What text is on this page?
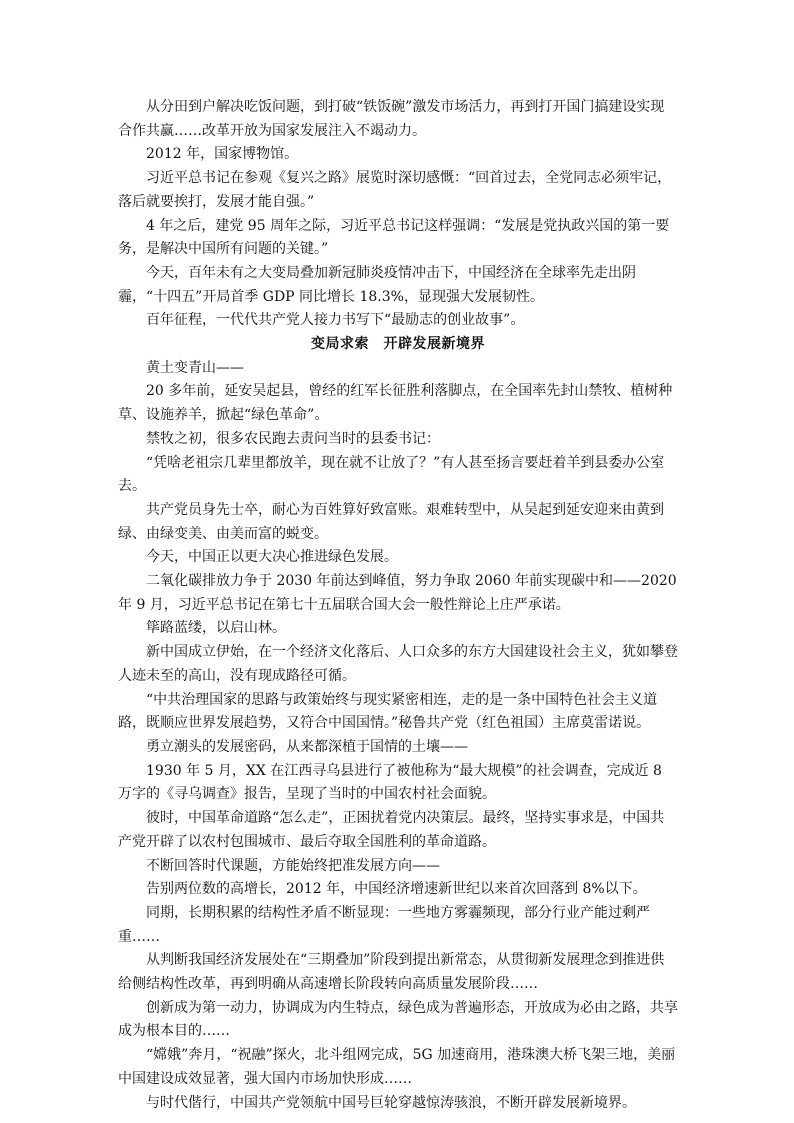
从分田到户解决吃饭问题，到打破“铁饭碗”激发市场活力，再到打开国门搞建设实现合作共赢……改革开放为国家发展注入不竭动力。

2012 年，国家博物馆。

习近平总书记在参观《复兴之路》展览时深切感慨：“回首过去，全党同志必须牢记，落后就要挨打，发展才能自强。”

4 年之后，建党 95 周年之际，习近平总书记这样强调：“发展是党执政兴国的第一要务，是解决中国所有问题的关键。”

今天，百年未有之大变局叠加新冠肺炎疫情冲击下，中国经济在全球率先走出阴霾，“十四五”开局首季 GDP 同比增长 18.3%，显现强大发展韧性。

百年征程，一代代共产党人接力书写下“最励志的创业故事”。

变局求索　开辟发展新境界

黄土变青山——

20 多年前，延安吴起县，曾经的红军长征胜利落脚点，在全国率先封山禁牧、植树种草、设施养羊，掀起“绿色革命”。

禁牧之初，很多农民跑去责问当时的县委书记：

“凭啥老祖宗几辈里都放羊，现在就不让放了？”有人甚至扬言要赶着羊到县委办公室去。

共产党员身先士卒，耐心为百姓算好致富账。艰难转型中，从吴起到延安迎来由黄到绿、由绿变美、由美而富的蜕变。

今天，中国正以更大决心推进绿色发展。

二氧化碳排放力争于 2030 年前达到峰值，努力争取 2060 年前实现碳中和——2020 年 9 月，习近平总书记在第七十五届联合国大会一般性辩论上庄严承诺。

筚路蓝缕，以启山林。

新中国成立伊始，在一个经济文化落后、人口众多的东方大国建设社会主义，犹如攀登人迹未至的高山，没有现成路径可循。

“中共治理国家的思路与政策始终与现实紧密相连，走的是一条中国特色社会主义道路，既顺应世界发展趋势，又符合中国国情。”秘鲁共产党（红色祖国）主席莫雷诺说。

勇立潮头的发展密码，从来都深植于国情的土壤——

1930 年 5 月，XX 在江西寻乌县进行了被他称为“最大规模”的社会调查，完成近 8 万字的《寻乌调查》报告，呈现了当时的中国农村社会面貌。

彼时，中国革命道路“怎么走”，正困扰着党内决策层。最终，坚持实事求是，中国共产党开辟了以农村包围城市、最后夺取全国胜利的革命道路。

不断回答时代课题，方能始终把准发展方向——

告别两位数的高增长，2012 年，中国经济增速新世纪以来首次回落到 8%以下。

同期，长期积累的结构性矛盾不断显现：一些地方雾霾频现，部分行业产能过剩严重……

从判断我国经济发展处在“三期叠加”阶段到提出新常态，从贯彻新发展理念到推进供给侧结构性改革，再到明确从高速增长阶段转向高质量发展阶段……

创新成为第一动力，协调成为内生特点，绿色成为普遍形态，开放成为必由之路，共享成为根本目的……

“嫦娥”奔月，“祝融”探火，北斗组网完成，5G 加速商用，港珠澳大桥飞架三地，美丽中国建设成效显著，强大国内市场加快形成……

与时代偕行，中国共产党领航中国号巨轮穿越惊涛骇浪，不断开辟发展新境界。
